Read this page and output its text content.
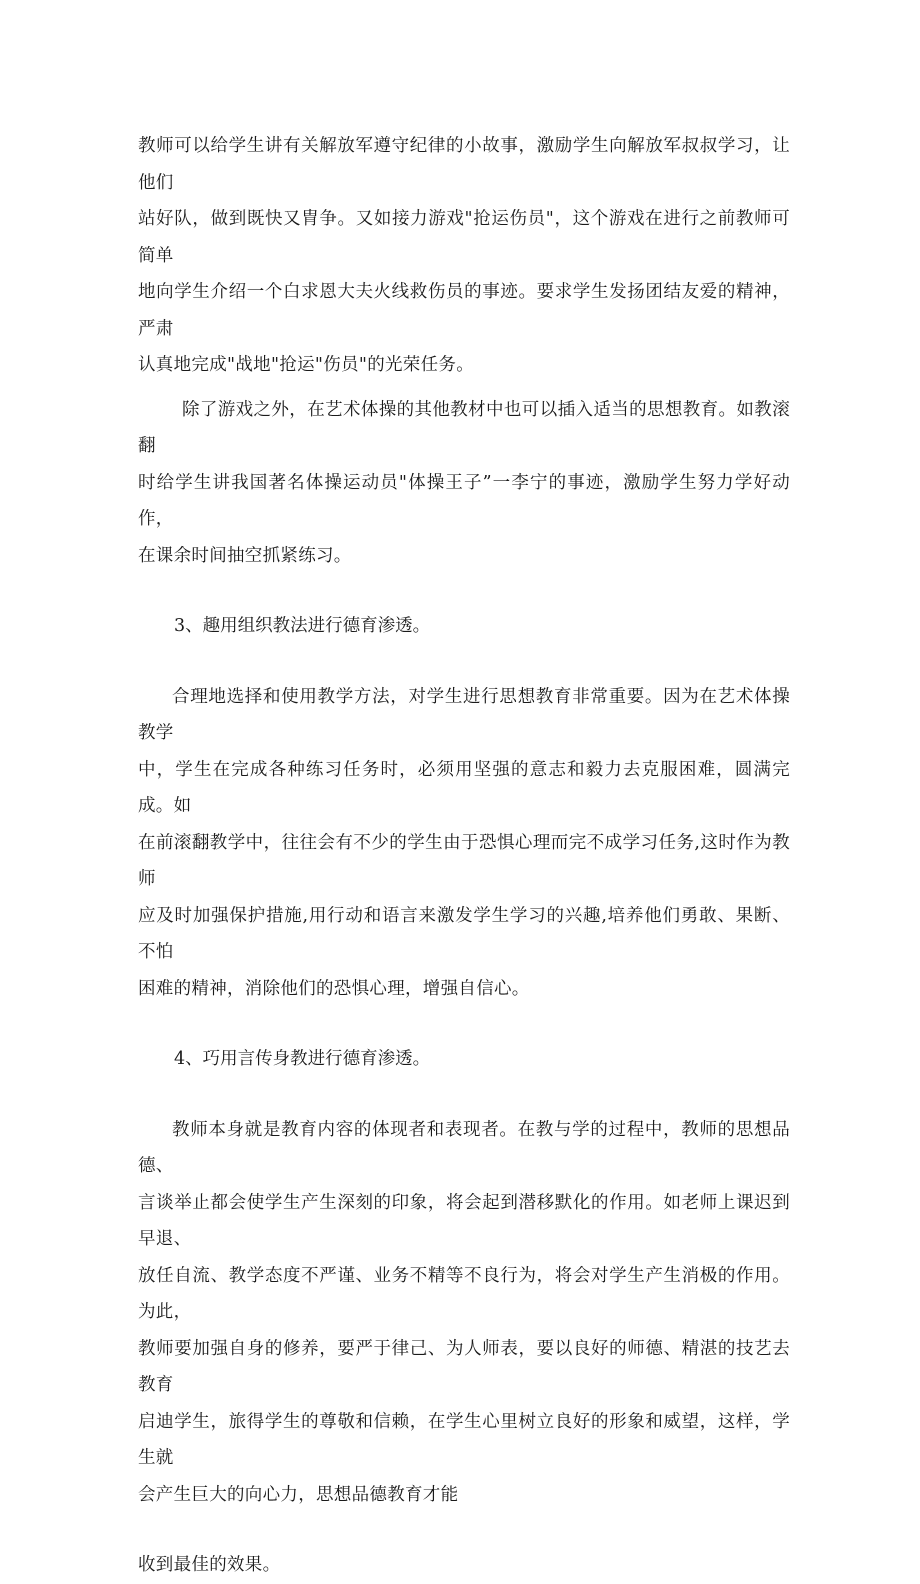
教师可以给学生讲有关解放军遵守纪律的小故事，激励学生向解放军叔叔学习，让他们
站好队，做到既快又胄争。又如接力游戏"抢运伤员"，这个游戏在进行之前教师可简单
地向学生介绍一个白求恩大夫火线救伤员的事迹。要求学生发扬团结友爱的精神，严肃
认真地完成"战地"抢运"伤员"的光荣任务。
除了游戏之外，在艺术体操的其他教材中也可以插入适当的思想教育。如教滚翻
时给学生讲我国著名体操运动员"体操王子”一李宁的事迹，激励学生努力学好动作，
在课余时间抽空抓紧练习。
3、趣用组织教法进行德育渗透。
合理地选择和使用教学方法，对学生进行思想教育非常重要。因为在艺术体操教学
中，学生在完成各种练习任务时，必须用坚强的意志和毅力去克服困难，圆满完成。如
在前滚翻教学中，往往会有不少的学生由于恐惧心理而完不成学习任务,这时作为教师
应及时加强保护措施,用行动和语言来激发学生学习的兴趣,培养他们勇敢、果断、不怕
困难的精神，消除他们的恐惧心理，增强自信心。
4、巧用言传身教进行德育渗透。
教师本身就是教育内容的体现者和表现者。在教与学的过程中，教师的思想品德、
言谈举止都会使学生产生深刻的印象，将会起到潜移默化的作用。如老师上课迟到早退、
放任自流、教学态度不严谨、业务不精等不良行为，将会对学生产生消极的作用。为此，
教师要加强自身的修养，要严于律己、为人师表，要以良好的师德、精湛的技艺去教育
启迪学生，旅得学生的尊敬和信赖，在学生心里树立良好的形象和威望，这样，学生就
会产生巨大的向心力，思想品德教育才能
收到最佳的效果。
